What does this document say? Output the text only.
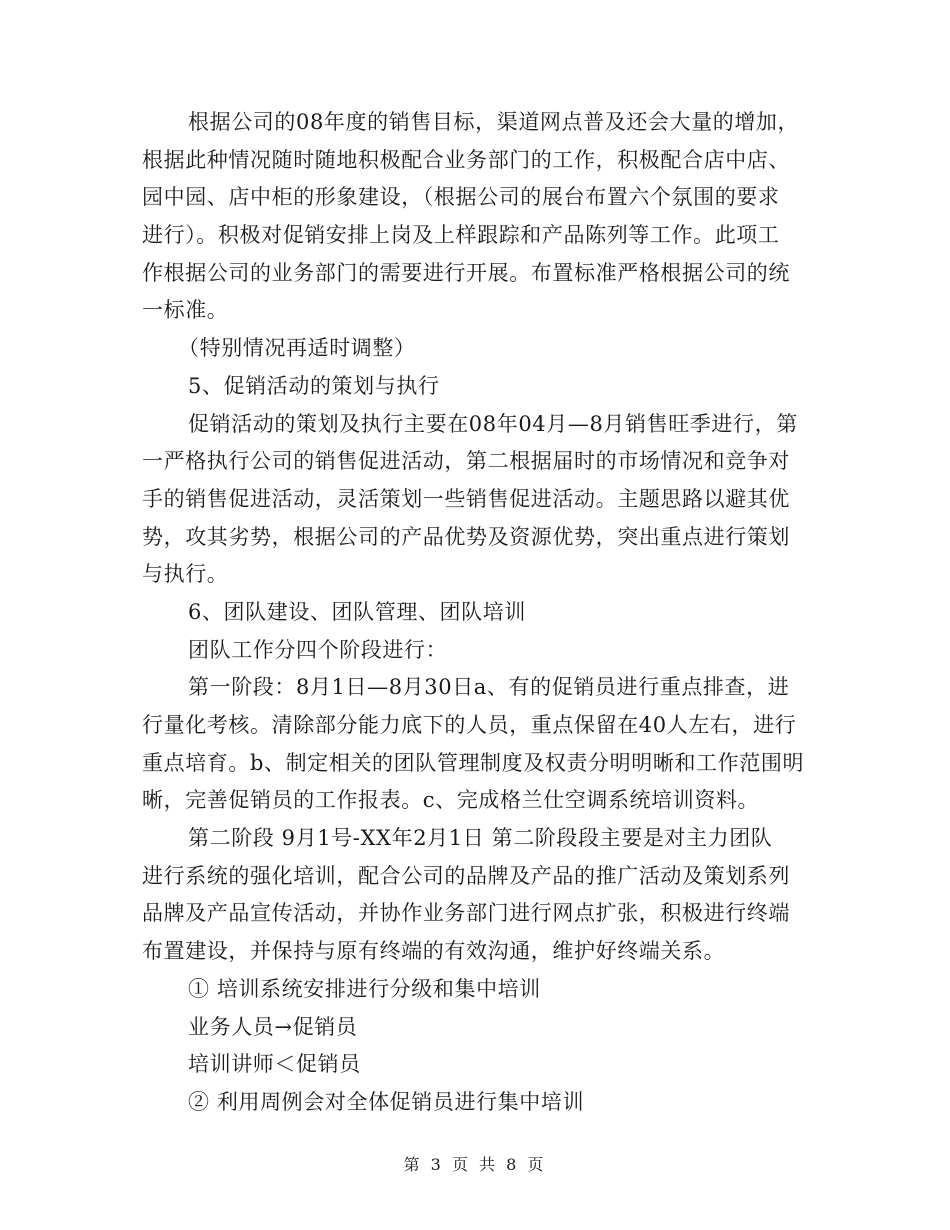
根据公司的08年度的销售目标，渠道网点普及还会大量的增加，
根据此种情况随时随地积极配合业务部门的工作，积极配合店中店、
园中园、店中柜的形象建设，（根据公司的展台布置六个氛围的要求
进行）。积极对促销安排上岗及上样跟踪和产品陈列等工作。此项工
作根据公司的业务部门的需要进行开展。布置标准严格根据公司的统
一标准。
（特别情况再适时调整）
5、促销活动的策划与执行
促销活动的策划及执行主要在08年04月—8月销售旺季进行，第
一严格执行公司的销售促进活动，第二根据届时的市场情况和竞争对
手的销售促进活动，灵活策划一些销售促进活动。主题思路以避其优
势，攻其劣势，根据公司的产品优势及资源优势，突出重点进行策划
与执行。
6、团队建设、团队管理、团队培训
团队工作分四个阶段进行：
第一阶段：8月1日—8月30日a、有的促销员进行重点排查，进
行量化考核。清除部分能力底下的人员，重点保留在40人左右，进行
重点培育。b、制定相关的团队管理制度及权责分明明晰和工作范围明
晰，完善促销员的工作报表。c、完成格兰仕空调系统培训资料。
第二阶段 9月1号-XX年2月1日 第二阶段段主要是对主力团队
进行系统的强化培训，配合公司的品牌及产品的推广活动及策划系列
品牌及产品宣传活动，并协作业务部门进行网点扩张，积极进行终端
布置建设，并保持与原有终端的有效沟通，维护好终端关系。
① 培训系统安排进行分级和集中培训
业务人员→促销员
培训讲师＜促销员
② 利用周例会对全体促销员进行集中培训
第 3 页 共 8 页
